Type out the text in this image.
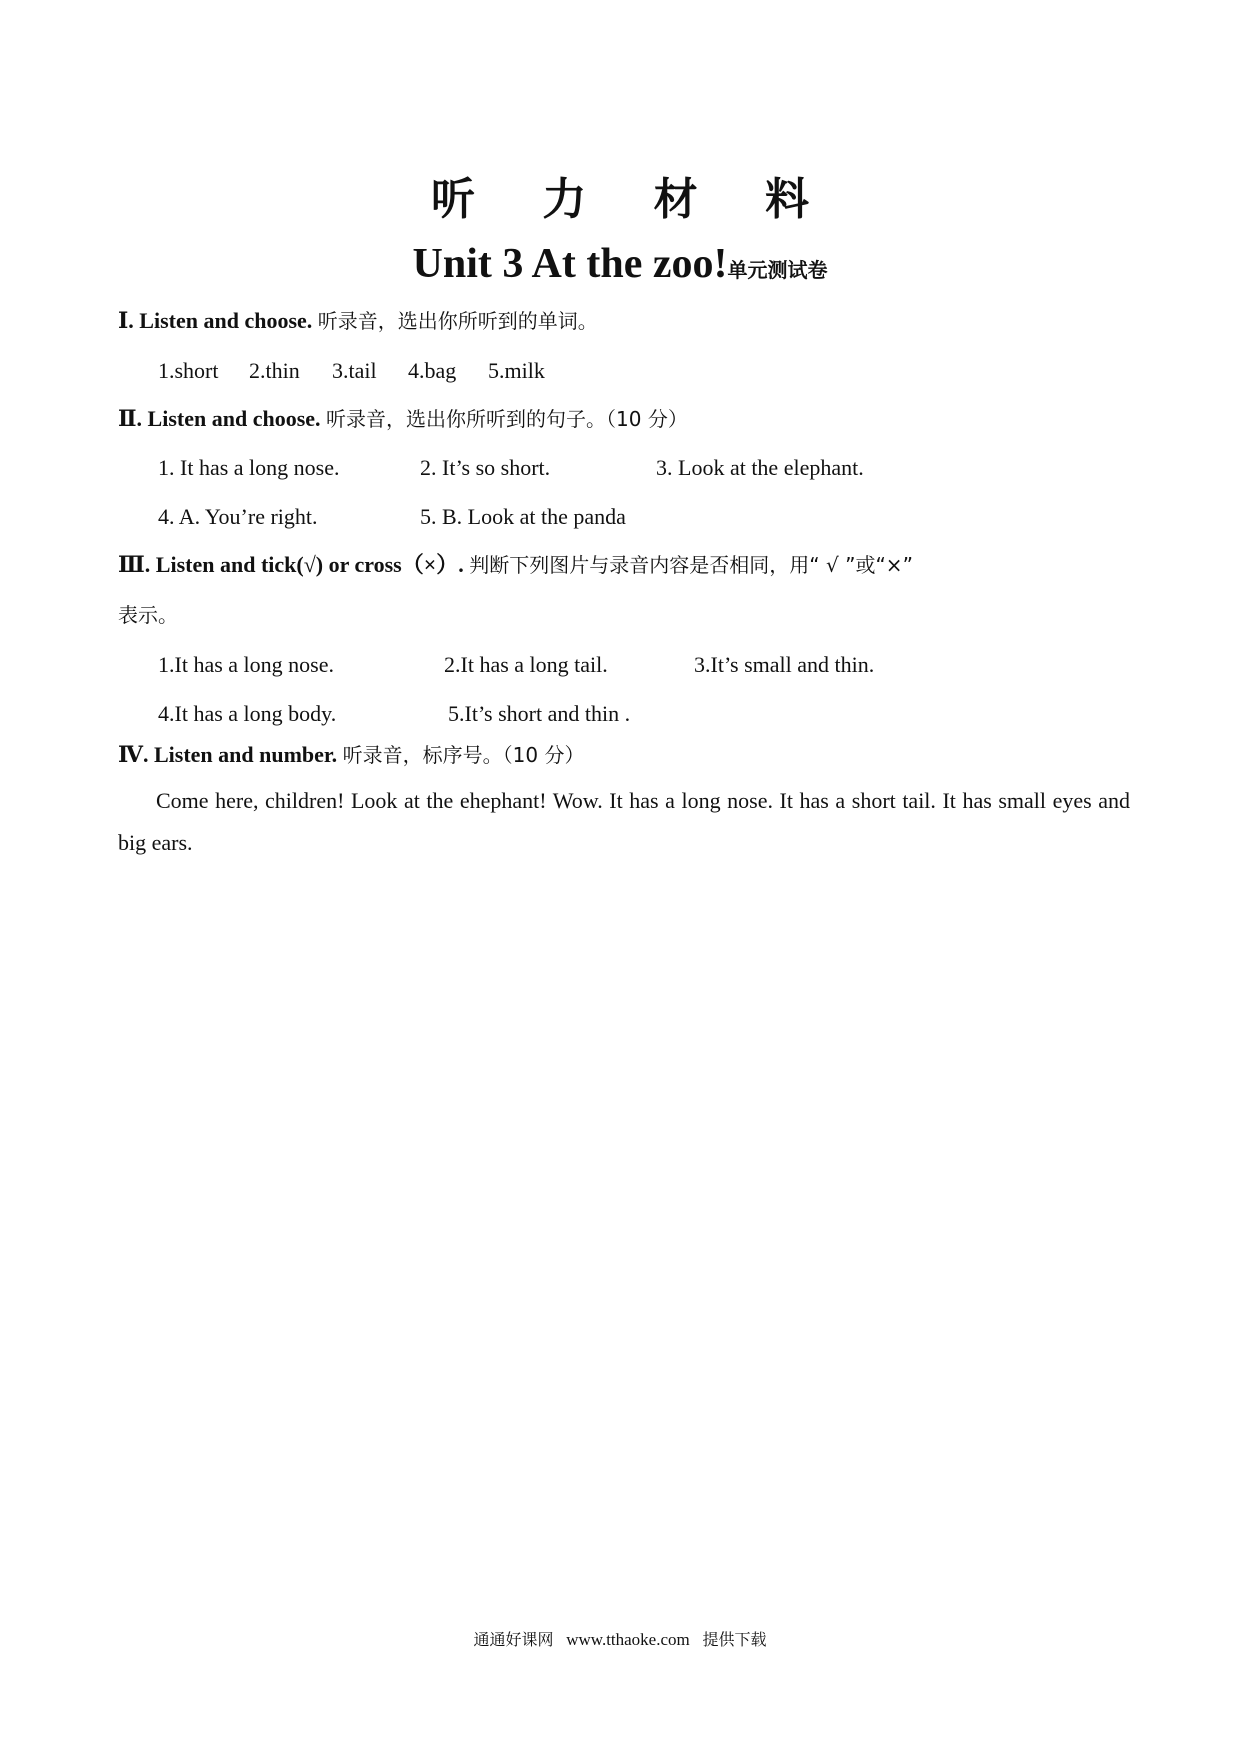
听 力 材 料
Unit 3 At the zoo!单元测试卷
Ⅰ. Listen and choose. 听录音，选出你所听到的单词。
1.short 2.thin 3.tail 4.bag 5.milk
Ⅱ. Listen and choose. 听录音，选出你所听到的句子。（10 分）
1. It has a long nose.	2. It’s so short.	3. Look at the elephant.
4. A. You’re right.	5. B. Look at the panda
Ⅲ. Listen and tick(√) or cross（×）. 判断下列图片与录音内容是否相同，用“ √ ”或“×”
表示。
1.It has a long nose.	2.It has a long tail.	3.It’s small and thin.
4.It has a long body.	5.It’s short and thin .
Ⅳ. Listen and number. 听录音，标序号。（10 分）
Come here, children! Look at the ehephant! Wow. It has a long nose. It has a short tail. It has small eyes and big ears.
通通好课网 www.tthaoke.com 提供下载
